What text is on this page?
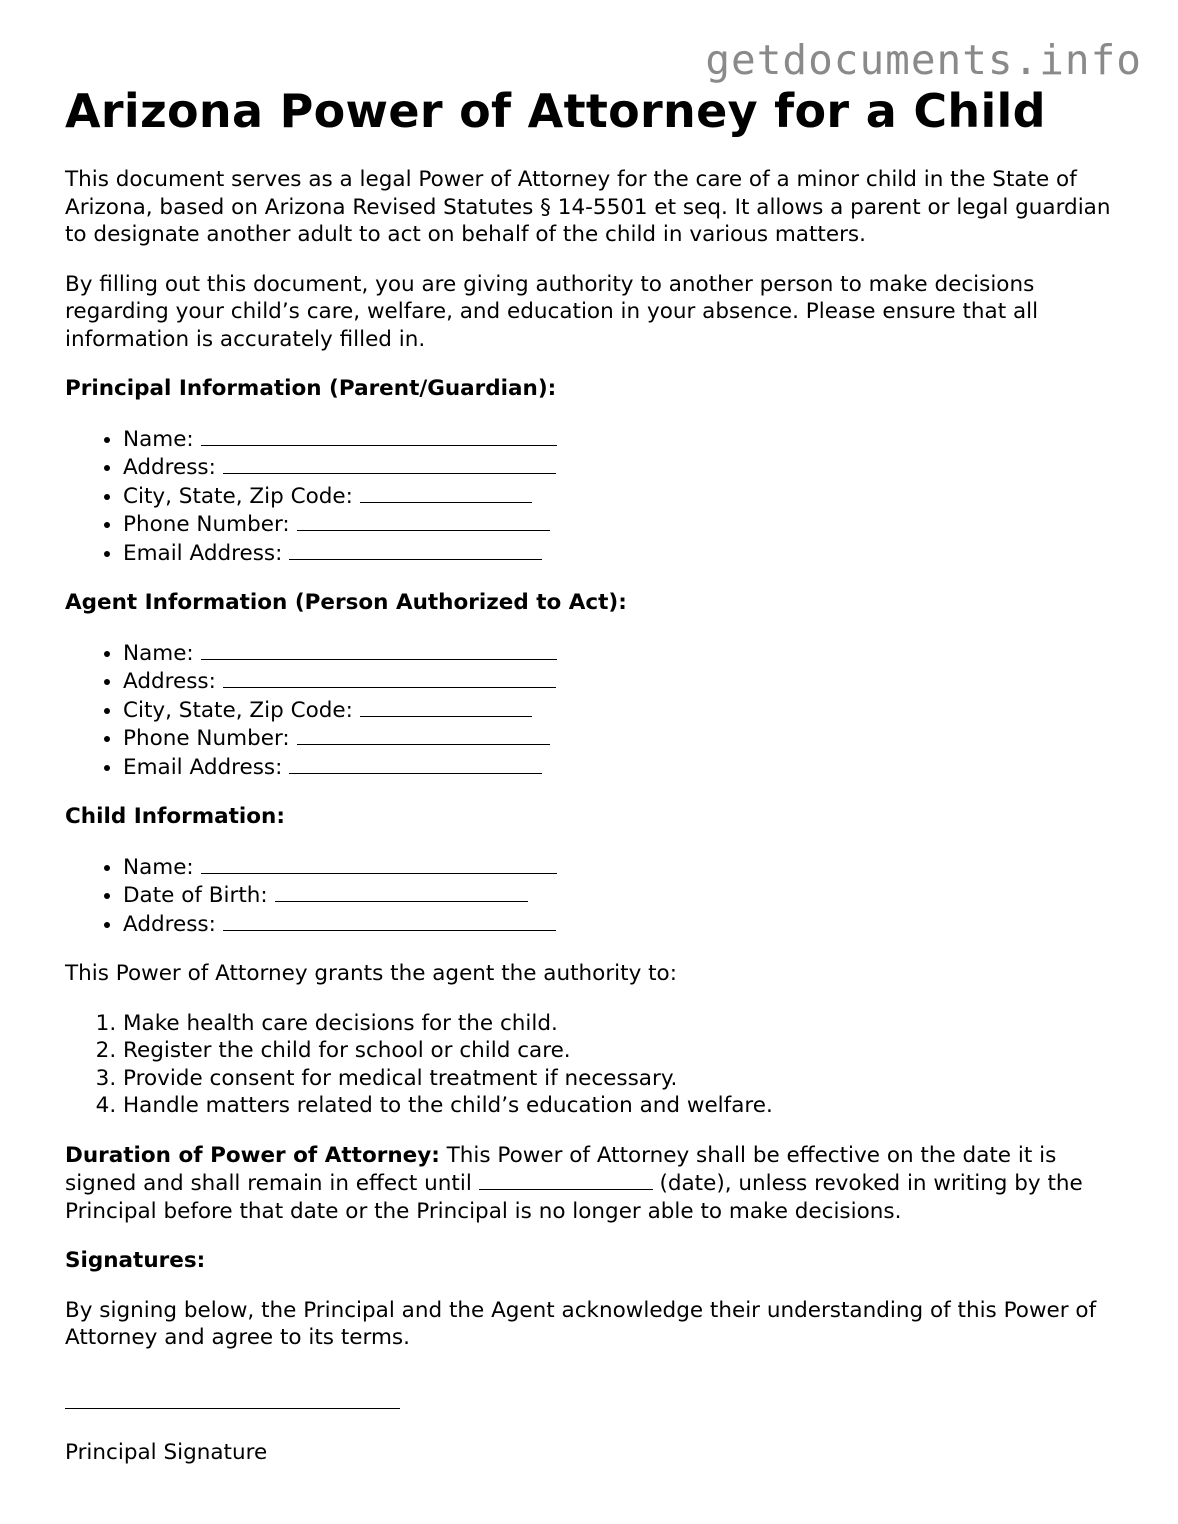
getdocuments.info
Arizona Power of Attorney for a Child

This document serves as a legal Power of Attorney for the care of a minor child in the State of Arizona, based on Arizona Revised Statutes § 14-5501 et seq. It allows a parent or legal guardian to designate another adult to act on behalf of the child in various matters.

By filling out this document, you are giving authority to another person to make decisions regarding your child’s care, welfare, and education in your absence. Please ensure that all information is accurately filled in.

Principal Information (Parent/Guardian):

• Name:
• Address:
• City, State, Zip Code:
• Phone Number:
• Email Address:

Agent Information (Person Authorized to Act):

• Name:
• Address:
• City, State, Zip Code:
• Phone Number:
• Email Address:

Child Information:

• Name:
• Date of Birth:
• Address:

This Power of Attorney grants the agent the authority to:

1. Make health care decisions for the child.
2. Register the child for school or child care.
3. Provide consent for medical treatment if necessary.
4. Handle matters related to the child’s education and welfare.

Duration of Power of Attorney: This Power of Attorney shall be effective on the date it is signed and shall remain in effect until	(date), unless revoked in writing by the Principal before that date or the Principal is no longer able to make decisions.

Signatures:

By signing below, the Principal and the Agent acknowledge their understanding of this Power of Attorney and agree to its terms.

Principal Signature
